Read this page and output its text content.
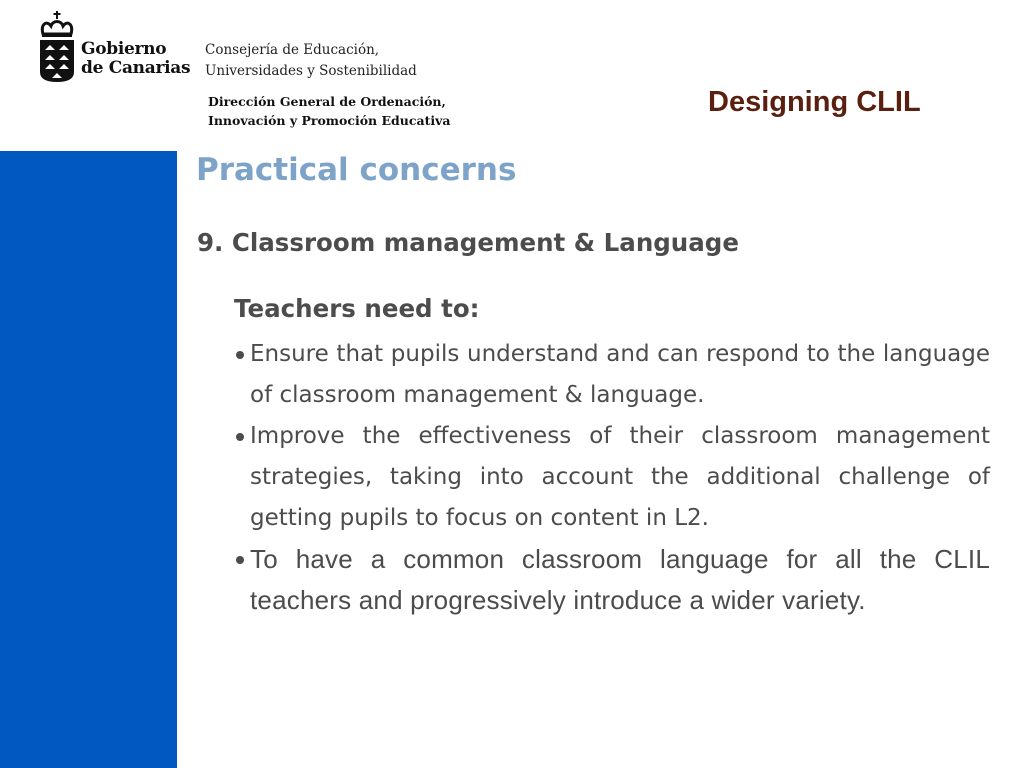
Gobierno
de Canarias
Consejería de Educación,
Universidades y Sostenibilidad
Dirección General de Ordenación,
Innovación y Promoción Educativa
Designing CLIL
Practical concerns
9. Classroom management & Language
Teachers need to:
Ensure that pupils understand and can respond to the language of classroom management & language.
Improve the effectiveness of their classroom management strategies, taking into account the additional challenge of getting pupils to focus on content in L2.
To have a common classroom language for all the CLIL teachers and progressively introduce a wider variety.
